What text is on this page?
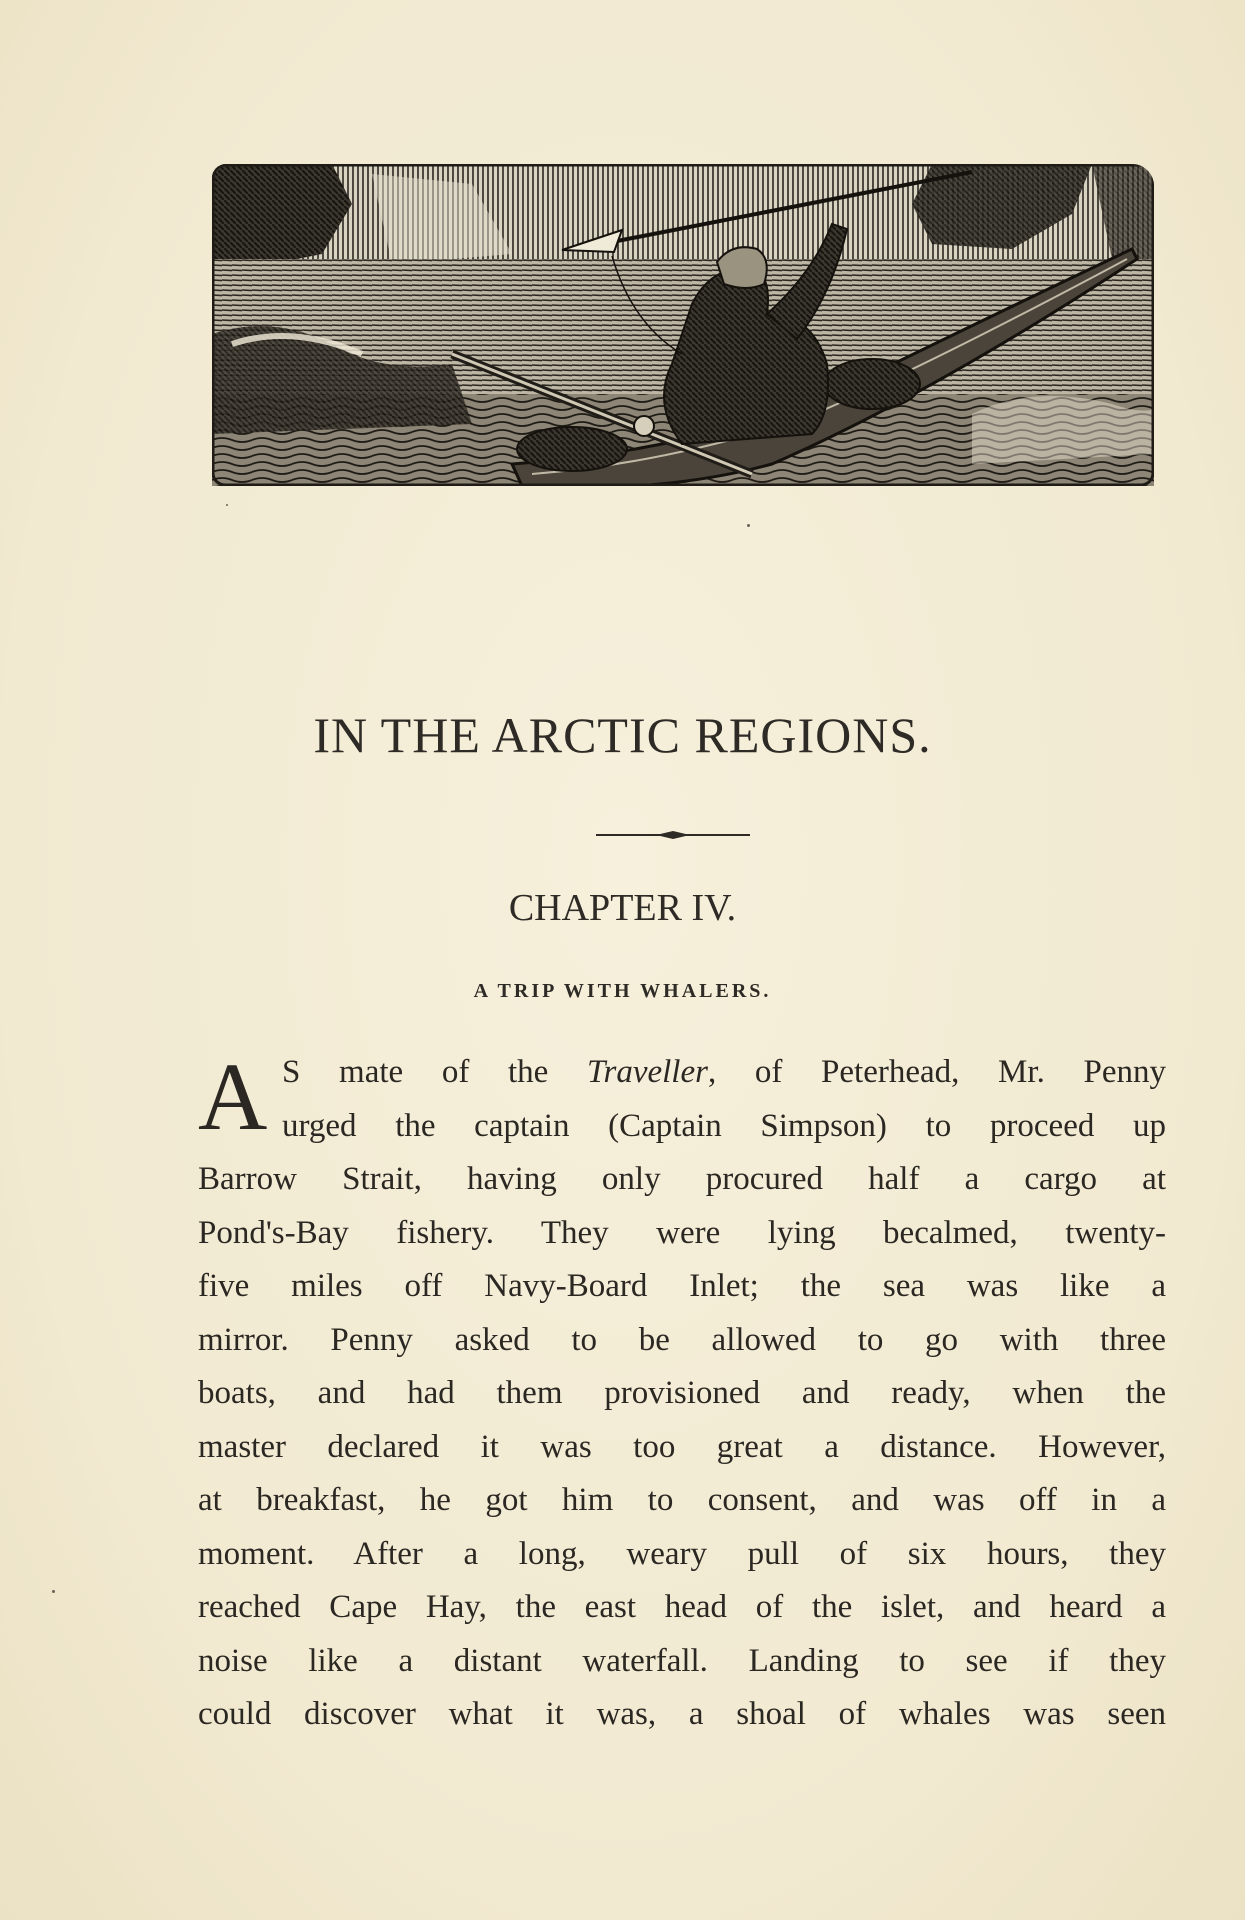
IN THE ARCTIC REGIONS.
CHAPTER IV.
A TRIP WITH WHALERS.
A S mate of the Traveller, of Peterhead, Mr. Penny
urged the captain (Captain Simpson) to proceed up
Barrow Strait, having only procured half a cargo at
Pond's-Bay fishery. They were lying becalmed, twenty-
five miles off Navy-Board Inlet; the sea was like a
mirror. Penny asked to be allowed to go with three
boats, and had them provisioned and ready, when the
master declared it was too great a distance. However,
at breakfast, he got him to consent, and was off in a
moment. After a long, weary pull of six hours, they
reached Cape Hay, the east head of the islet, and heard a
noise like a distant waterfall. Landing to see if they
could discover what it was, a shoal of whales was seen
